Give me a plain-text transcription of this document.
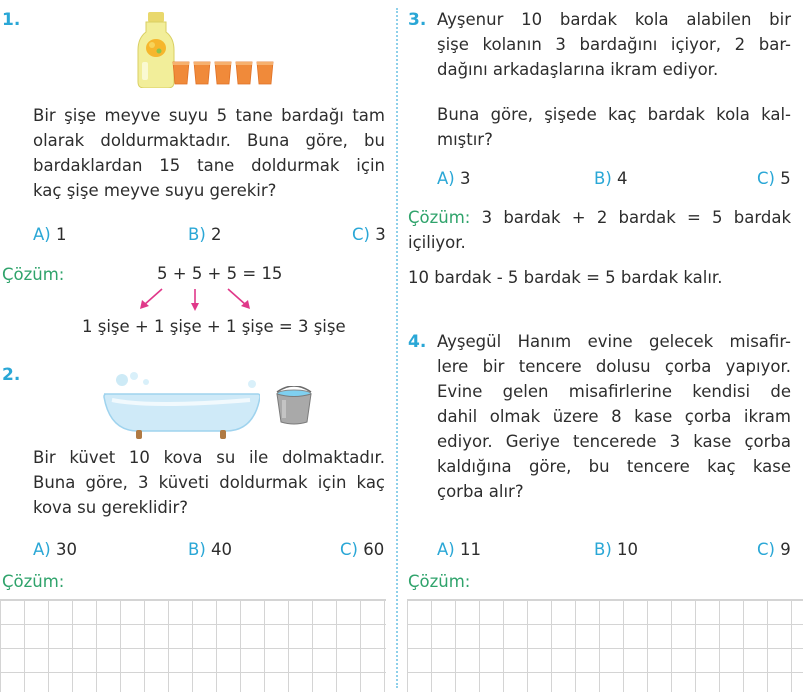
1.
Bir şişe meyve suyu 5 tane bardağı tam
olarak doldurmaktadır. Buna göre, bu
bardaklardan 15 tane doldurmak için
kaç şişe meyve suyu gerekir?
A) 1	B) 2	C) 3
Çözüm:	5 + 5 + 5 = 15
1 şişe + 1 şişe + 1 şişe = 3 şişe
2.
Bir küvet 10 kova su ile dolmaktadır.
Buna göre, 3 küveti doldurmak için kaç
kova su gereklidir?
A) 30	B) 40	C) 60
Çözüm:
3. Ayşenur 10 bardak kola alabilen bir
şişe kolanın 3 bardağını içiyor, 2 bar-
dağını arkadaşlarına ikram ediyor.
Buna göre, şişede kaç bardak kola kal-
mıştır?
A) 3	B) 4	C) 5
Çözüm: 3 bardak + 2 bardak = 5 bardak
içiliyor.
10 bardak - 5 bardak = 5 bardak kalır.
4. Ayşegül Hanım evine gelecek misafir-
lere bir tencere dolusu çorba yapıyor.
Evine gelen misafirlerine kendisi de
dahil olmak üzere 8 kase çorba ikram
ediyor. Geriye tencerede 3 kase çorba
kaldığına göre, bu tencere kaç kase
çorba alır?
A) 11	B) 10	C) 9
Çözüm:
